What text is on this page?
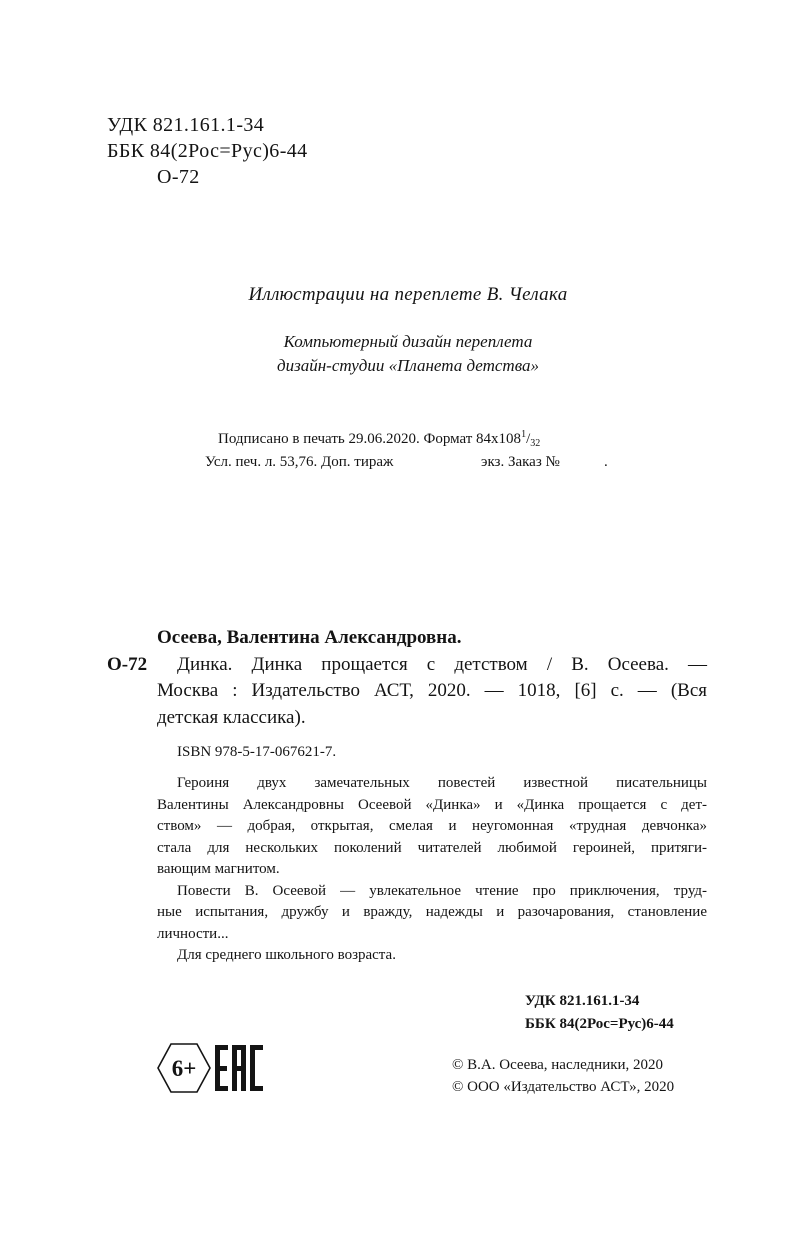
УДК 821.161.1-34
ББК 84(2Рос=Рус)6-44
О-72
Иллюстрации на переплете В. Челака
Компьютерный дизайн переплета
дизайн-студии «Планета детства»
Подписано в печать 29.06.2020. Формат $84х108^1/_{32}$
Усл. печ. л. 53,76. Доп. тираж	экз. Заказ №	.
Осеева, Валентина Александровна.
О-72 Динка. Динка прощается с детством / В. Осеева. —
Москва : Издательство АСТ, 2020. — 1018, [6] с. — (Вся
детская классика).
ISBN 978-5-17-067621-7.
Героиня двух замечательных повестей известной писательницы
Валентины Александровны Осеевой «Динка» и «Динка прощается с дет-
ством» — добрая, открытая, смелая и неугомонная «трудная девчонка»
стала для нескольких поколений читателей любимой героиней, притяги-
вающим магнитом.
Повести В. Осеевой — увлекательное чтение про приключения, труд-
ные испытания, дружбу и вражду, надежды и разочарования, становление
личности...
Для среднего школьного возраста.
УДК 821.161.1-34
ББК 84(2Рос=Рус)6-44
6+	© В.А. Осеева, наследники, 2020
© ООО «Издательство АСТ», 2020
